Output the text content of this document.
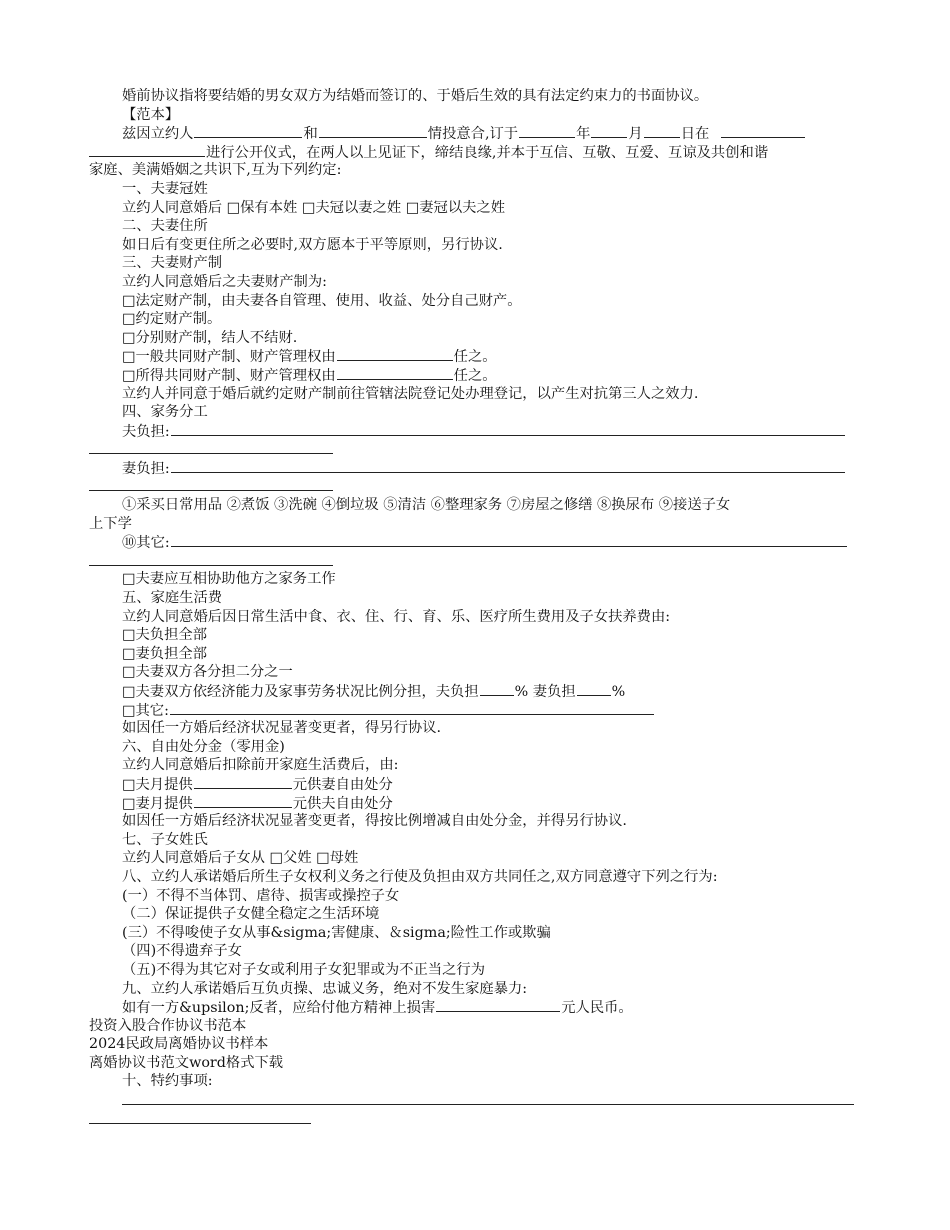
婚前协议指将要结婚的男女双方为结婚而签订的、于婚后生效的具有法定约束力的书面协议。
【范本】
兹因立约人	和	情投意合,订于	年	月	日在
进行公开仪式，在两人以上见证下，缔结良缘,并本于互信、互敬、互爱、互谅及共创和谐
家庭、美满婚姻之共识下,互为下列约定:
一、夫妻冠姓
立约人同意婚后 □保有本姓 □夫冠以妻之姓 □妻冠以夫之姓
二、夫妻住所
如日后有变更住所之必要时,双方愿本于平等原则，另行协议.
三、夫妻财产制
立约人同意婚后之夫妻财产制为:
□法定财产制，由夫妻各自管理、使用、收益、处分自己财产。
□约定财产制。
□分别财产制，结人不结财.
□一般共同财产制、财产管理权由	任之。
□所得共同财产制、财产管理权由	任之。
立约人并同意于婚后就约定财产制前往管辖法院登记处办理登记，以产生对抗第三人之效力.
四、家务分工
夫负担:
妻负担:
①采买日常用品 ②煮饭 ③洗碗 ④倒垃圾 ⑤清洁 ⑥整理家务 ⑦房屋之修缮 ⑧换尿布 ⑨接送子女
上下学
⑩其它:
□夫妻应互相协助他方之家务工作
五、家庭生活费
立约人同意婚后因日常生活中食、衣、住、行、育、乐、医疗所生费用及子女扶养费由:
□夫负担全部
□妻负担全部
□夫妻双方各分担二分之一
□夫妻双方依经济能力及家事劳务状况比例分担，夫负担	% 妻负担	%
□其它:
如因任一方婚后经济状况显著变更者，得另行协议.
六、自由处分金（零用金)
立约人同意婚后扣除前开家庭生活费后，由:
□夫月提供	元供妻自由处分
□妻月提供	元供夫自由处分
如因任一方婚后经济状况显著变更者，得按比例增减自由处分金，并得另行协议.
七、子女姓氏
立约人同意婚后子女从 □父姓 □母姓
八、立约人承诺婚后所生子女权利义务之行使及负担由双方共同任之,双方同意遵守下列之行为:
(一）不得不当体罚、虐待、损害或操控子女
（二）保证提供子女健全稳定之生活环境
(三）不得唆使子女从事&sigma;害健康、＆sigma;险性工作或欺骗
（四)不得遗弃子女
（五)不得为其它对子女或利用子女犯罪或为不正当之行为
九、立约人承诺婚后互负贞操、忠诚义务，绝对不发生家庭暴力:
如有一方&upsilon;反者，应给付他方精神上损害	元人民币。
投资入股合作协议书范本
2024民政局离婚协议书样本
离婚协议书范文word格式下载
十、特约事项:
